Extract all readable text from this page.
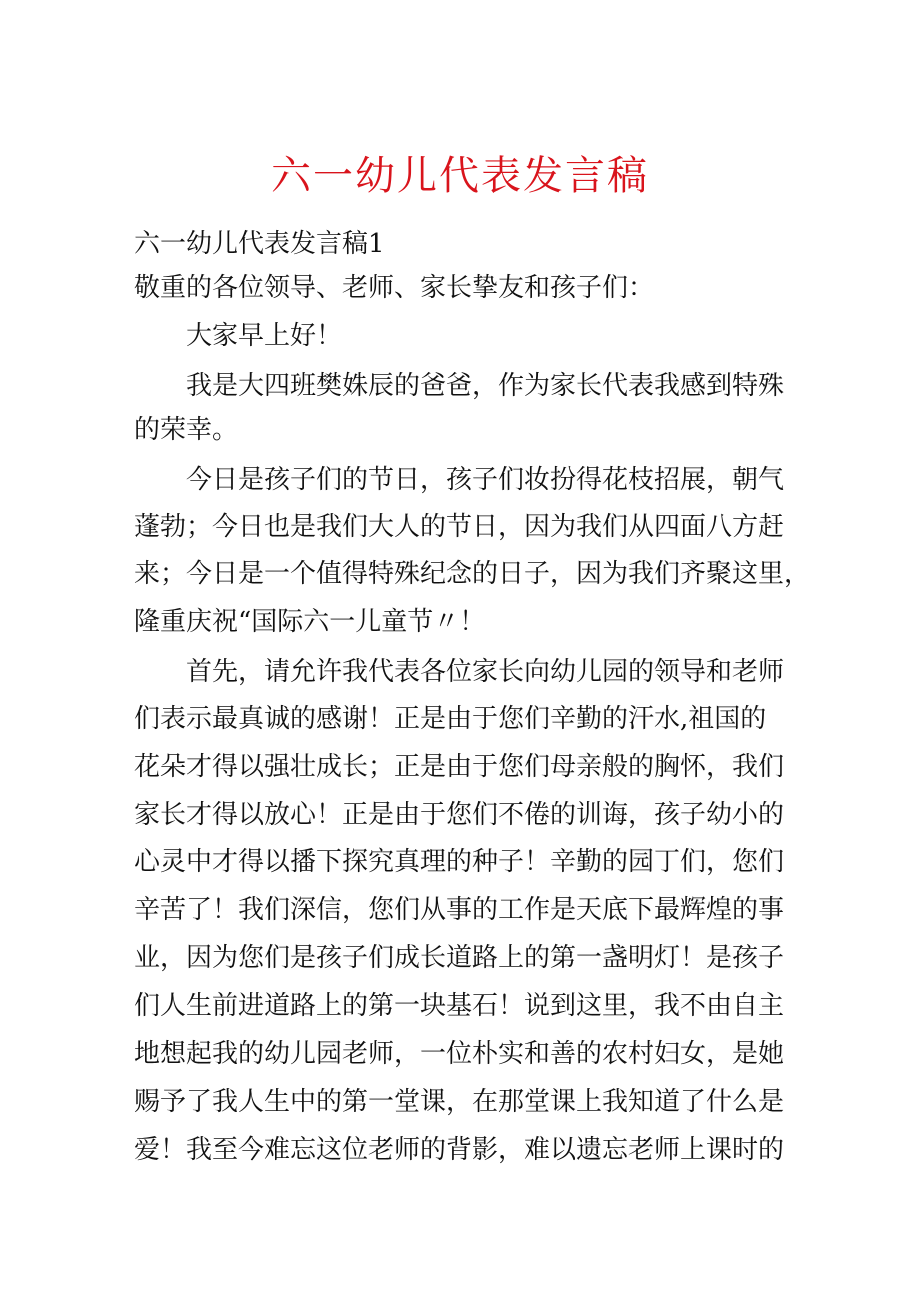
六一幼儿代表发言稿
六一幼儿代表发言稿1
敬重的各位领导、老师、家长挚友和孩子们：
大家早上好！
我是大四班樊姝辰的爸爸，作为家长代表我感到特殊
的荣幸。
今日是孩子们的节日，孩子们妆扮得花枝招展，朝气
蓬勃；今日也是我们大人的节日，因为我们从四面八方赶
来；今日是一个值得特殊纪念的日子，因为我们齐聚这里，
隆重庆祝“国际六一儿童节〃！
首先，请允许我代表各位家长向幼儿园的领导和老师
们表示最真诚的感谢！正是由于您们辛勤的汗水,祖国的
花朵才得以强壮成长；正是由于您们母亲般的胸怀，我们
家长才得以放心！正是由于您们不倦的训诲，孩子幼小的
心灵中才得以播下探究真理的种子！辛勤的园丁们，您们
辛苦了！我们深信，您们从事的工作是天底下最辉煌的事
业，因为您们是孩子们成长道路上的第一盏明灯！是孩子
们人生前进道路上的第一块基石！说到这里，我不由自主
地想起我的幼儿园老师，一位朴实和善的农村妇女，是她
赐予了我人生中的第一堂课，在那堂课上我知道了什么是
爱！我至今难忘这位老师的背影，难以遗忘老师上课时的
